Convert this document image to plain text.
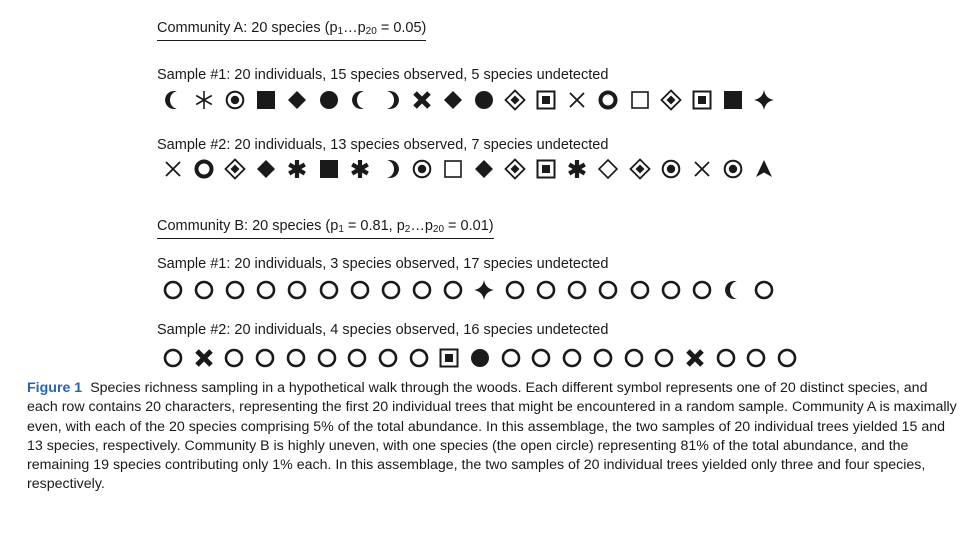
Community A: 20 species $(p_1\dots p_{20} = 0.05)$
Sample #1: 20 individuals, 15 species observed, 5 species undetected
Sample #2: 20 individuals, 13 species observed, 7 species undetected
Community B: 20 species ($p_1 = 0.81$, $p_2\dots p_{20} = 0.01$)
Sample #1: 20 individuals, 3 species observed, 17 species undetected
Sample #2: 20 individuals, 4 species observed, 16 species undetected
Figure 1 Species richness sampling in a hypothetical walk through the woods. Each different symbol represents one of 20 distinct species, and each row contains 20 characters, representing the first 20 individual trees that might be encountered in a random sample. Community A is maximally even, with each of the 20 species comprising 5% of the total abundance. In this assemblage, the two samples of 20 individual trees yielded 15 and 13 species, respectively. Community B is highly uneven, with one species (the open circle) representing 81% of the total abundance, and the remaining 19 species contributing only 1% each. In this assemblage, the two samples of 20 individual trees yielded only three and four species, respectively.
